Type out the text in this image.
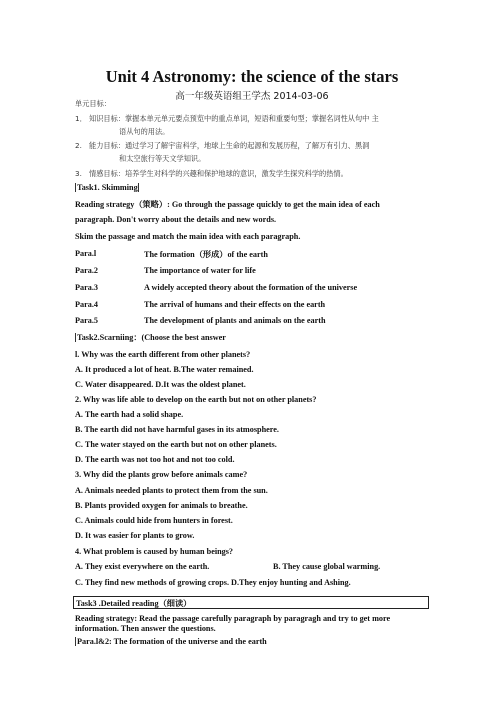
Unit 4 Astronomy: the science of the stars
高一年级英语组王学杰 2014-03-06
单元目标：
1． 知识目标：掌握本单元单元要点预览中的重点单词，短语和重要句型；掌握名词性从句中 主
语从句的用法。
2. 能力目标：通过学习了解宇宙科学，地球上生命的起源和发展历程，了解万有引力、黑洞
和太空旅行等天文学知识。
3. 情感目标：培养学生对科学的兴趣和保护地球的意识，激发学生探究科学的热情。
Task1. Skimming
Reading strategy（策略）: Go through the passage quickly to get the main idea of each
paragraph. Don't worry about the details and new words.
Skim the passage and match the main idea with each paragraph.
Para.l	The formation（形成）of the earth
Para.2	The importance of water for life
Para.3	A widely accepted theory about the formation of the universe
Para.4	The arrival of humans and their effects on the earth
Para.5	The development of plants and animals on the earth
Task2.Scarniing：(Choose the best answer
l. Why was the earth different from other planets?
A. It produced a lot of heat. B.The water remained.
C. Water disappeared. D.It was the oldest planet.
2. Why was life able to develop on the earth but not on other planets?
A. The earth had a solid shape.
B. The earth did not have harmful gases in its atmosphere.
C. The water stayed on the earth but not on other planets.
D. The earth was not too hot and not too cold.
3. Why did the plants grow before animals came?
A. Animals needed plants to protect them from the sun.
B. Plants provided oxygen for animals to breathe.
C. Animals could hide from hunters in forest.
D. It was easier for plants to grow.
4. What problem is caused by human beings?
A. They exist everywhere on the earth.	B. They cause global warming.
Task3 .Detailed reading（细读）
Reading strategy: Read the passage carefully paragraph by paragragh and try to get more
information. Then answer the questions.
Para.l&2: The formation of the universe and the earth
C. They find new methods of growing crops. D.They enjoy hunting and Ashing.
